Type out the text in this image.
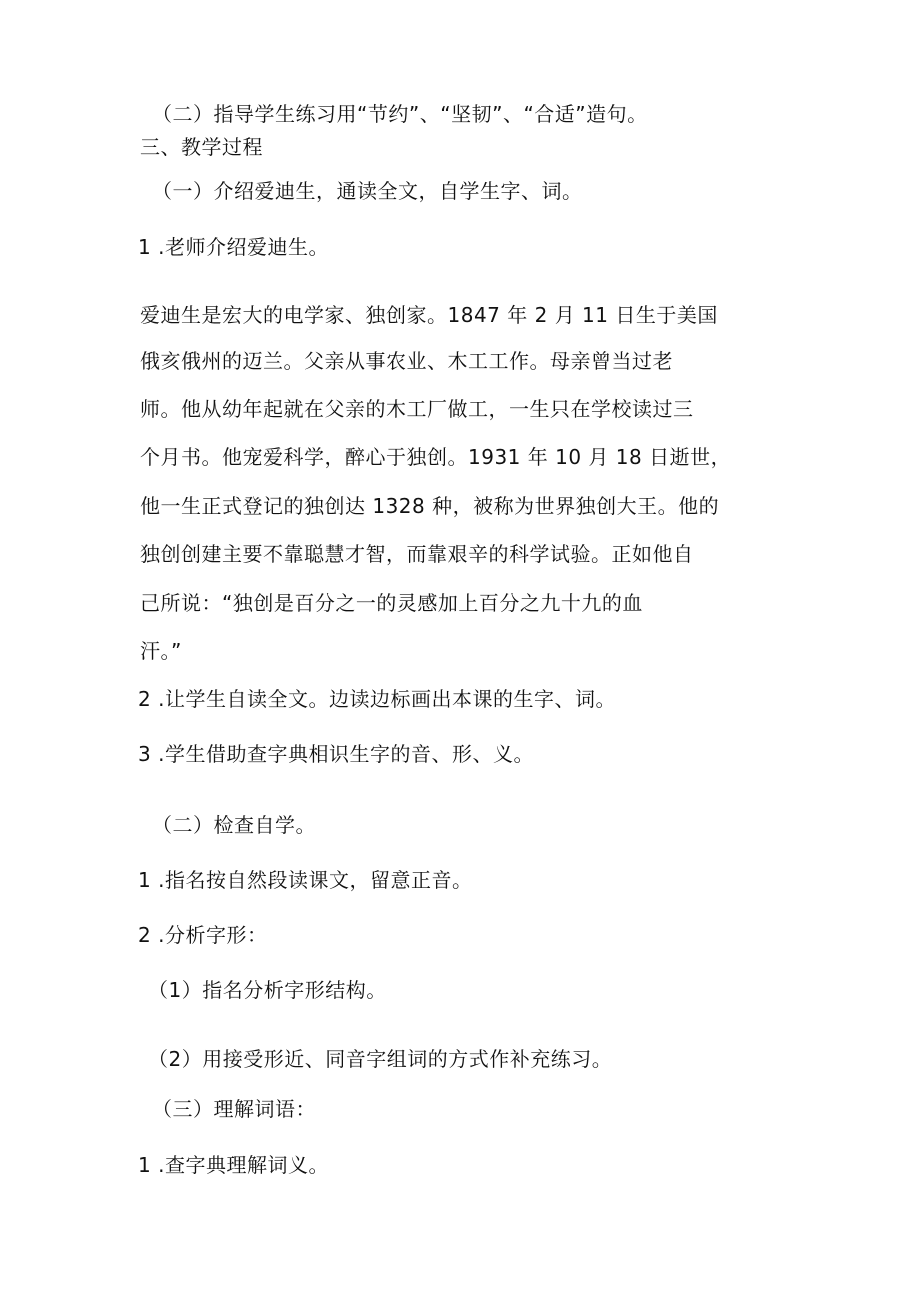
（二）指导学生练习用“节约”、“坚韧”、“合适”造句。
三、教学过程
（一）介绍爱迪生，通读全文，自学生字、词。
1 .老师介绍爱迪生。
爱迪生是宏大的电学家、独创家。1847 年 2 月 11 日生于美国
俄亥俄州的迈兰。父亲从事农业、木工工作。母亲曾当过老
师。他从幼年起就在父亲的木工厂做工，一生只在学校读过三
个月书。他宠爱科学，醉心于独创。1931 年 10 月 18 日逝世，
他一生正式登记的独创达 1328 种，被称为世界独创大王。他的
独创创建主要不靠聪慧才智，而靠艰辛的科学试验。正如他自
己所说：“独创是百分之一的灵感加上百分之九十九的血
汗。”
2 .让学生自读全文。边读边标画出本课的生字、词。
3 .学生借助查字典相识生字的音、形、义。
（二）检查自学。
1 .指名按自然段读课文，留意正音。
2 .分析字形：
（1）指名分析字形结构。
（2）用接受形近、同音字组词的方式作补充练习。
（三）理解词语：
1 .查字典理解词义。
